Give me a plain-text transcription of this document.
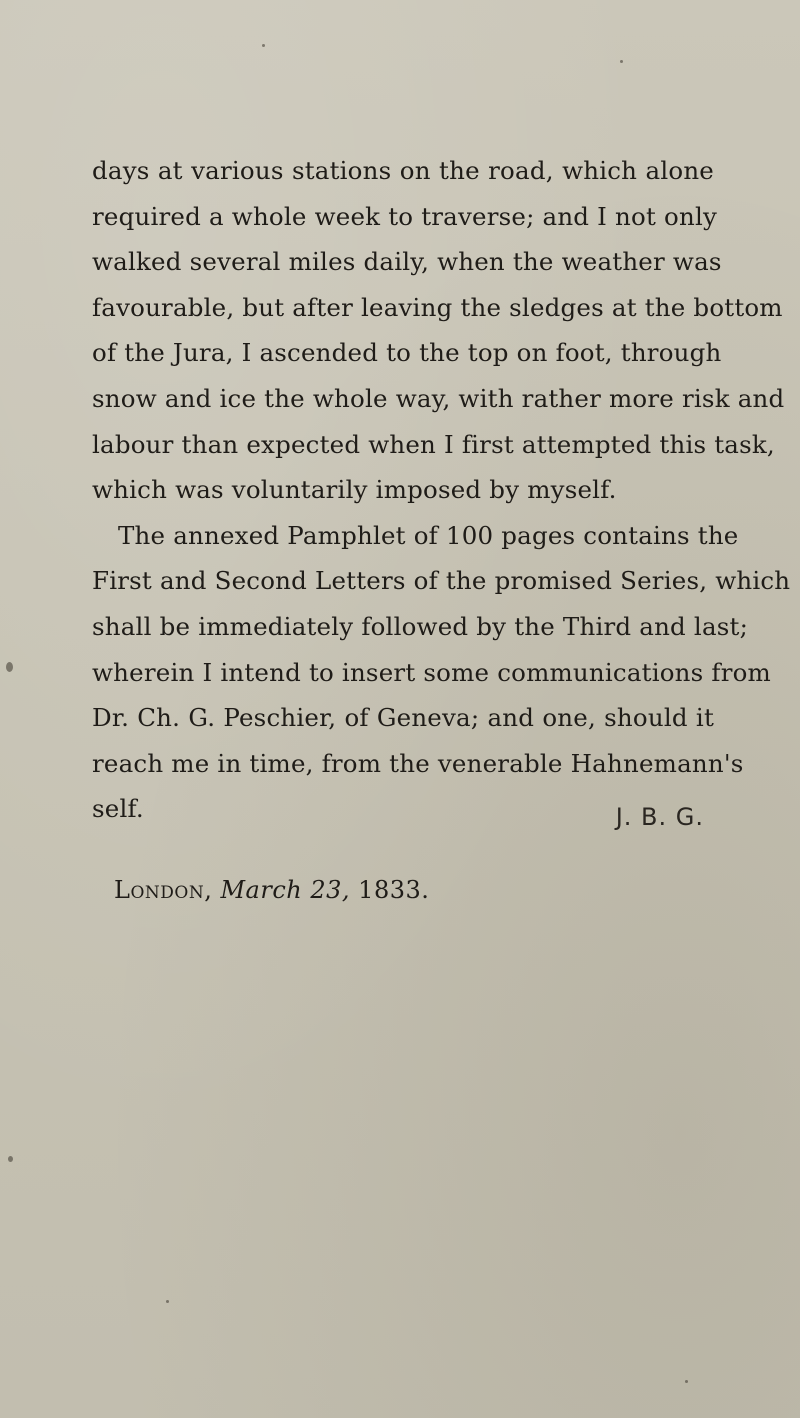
days at various stations on the road, which alone
required a whole week to traverse; and I not only
walked several miles daily, when the weather was
favourable, but after leaving the sledges at the bottom
of the Jura, I ascended to the top on foot, through
snow and ice the whole way, with rather more risk and
labour than expected when I first attempted this task,
which was voluntarily imposed by myself.
The annexed Pamphlet of 100 pages contains the
First and Second Letters of the promised Series, which
shall be immediately followed by the Third and last;
wherein I intend to insert some communications from
Dr. Ch. G. Peschier, of Geneva; and one, should it
reach me in time, from the venerable Hahnemann's
self.	J. B. G.
London, March 23, 1833.
